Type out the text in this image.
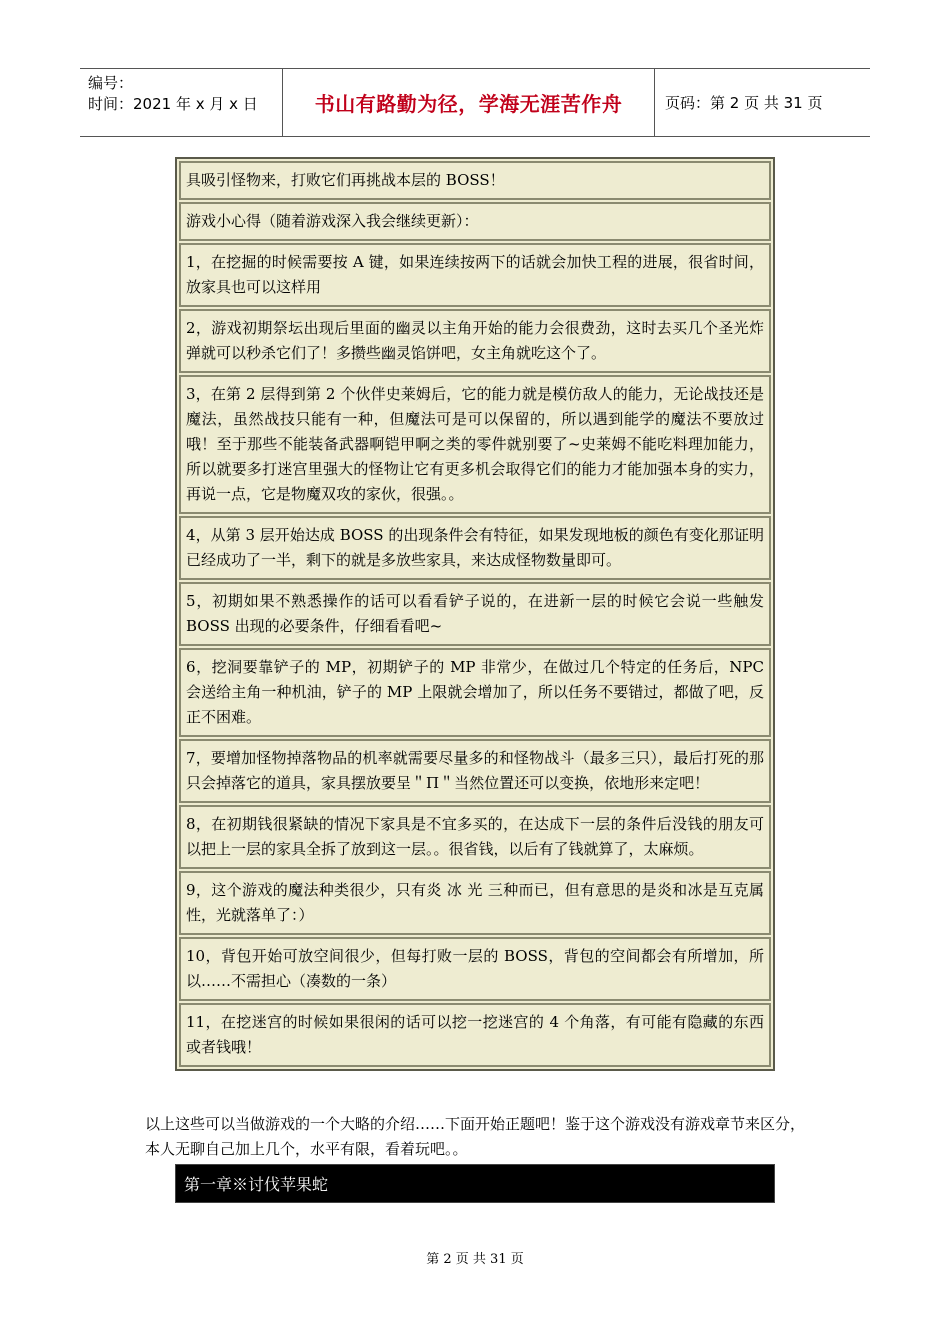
编号：
时间：2021 年 x 月 x 日	书山有路勤为径，学海无涯苦作舟	页码：第 2 页 共 31 页
具吸引怪物来，打败它们再挑战本层的 BOSS！
游戏小心得（随着游戏深入我会继续更新）：
1，在挖掘的时候需要按 A 键，如果连续按两下的话就会加快工程的进展，很省时间，放家具也可以这样用
2，游戏初期祭坛出现后里面的幽灵以主角开始的能力会很费劲，这时去买几个圣光炸弹就可以秒杀它们了！多攒些幽灵馅饼吧，女主角就吃这个了。
3，在第 2 层得到第 2 个伙伴史莱姆后，它的能力就是模仿敌人的能力，无论战技还是魔法，虽然战技只能有一种，但魔法可是可以保留的，所以遇到能学的魔法不要放过哦！至于那些不能装备武器啊铠甲啊之类的零件就别要了~史莱姆不能吃料理加能力，所以就要多打迷宫里强大的怪物让它有更多机会取得它们的能力才能加强本身的实力，再说一点，它是物魔双攻的家伙，很强。。
4，从第 3 层开始达成 BOSS 的出现条件会有特征，如果发现地板的颜色有变化那证明已经成功了一半，剩下的就是多放些家具，来达成怪物数量即可。
5，初期如果不熟悉操作的话可以看看铲子说的，在进新一层的时候它会说一些触发 BOSS 出现的必要条件，仔细看看吧~
6，挖洞要靠铲子的 MP，初期铲子的 MP 非常少，在做过几个特定的任务后，NPC 会送给主角一种机油，铲子的 MP 上限就会增加了，所以任务不要错过，都做了吧，反正不困难。
7，要增加怪物掉落物品的机率就需要尽量多的和怪物战斗（最多三只），最后打死的那只会掉落它的道具，家具摆放要呈＂Π＂当然位置还可以变换，依地形来定吧！
8，在初期钱很紧缺的情况下家具是不宜多买的，在达成下一层的条件后没钱的朋友可以把上一层的家具全拆了放到这一层。。很省钱，以后有了钱就算了，太麻烦。
9，这个游戏的魔法种类很少，只有炎 冰 光 三种而已，但有意思的是炎和冰是互克属性，光就落单了：）
10，背包开始可放空间很少，但每打败一层的 BOSS，背包的空间都会有所增加，所以……不需担心（凑数的一条）
11，在挖迷宫的时候如果很闲的话可以挖一挖迷宫的 4 个角落，有可能有隐藏的东西或者钱哦！

以上这些可以当做游戏的一个大略的介绍……下面开始正题吧！鉴于这个游戏没有游戏章节来区分，本人无聊自己加上几个，水平有限，看着玩吧。。

第一章※讨伐苹果蛇
第 2 页 共 31 页
